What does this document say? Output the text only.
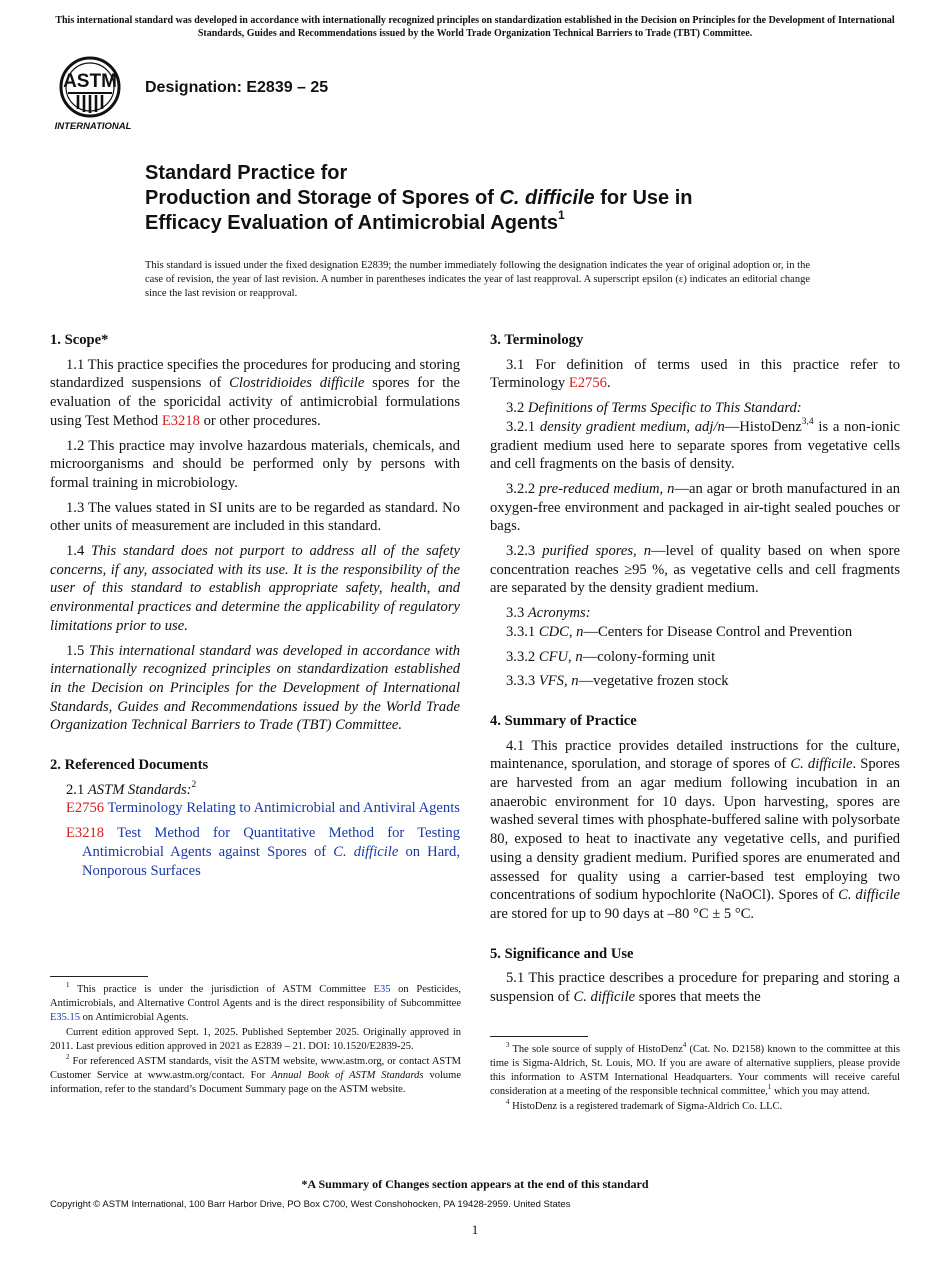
This international standard was developed in accordance with internationally recognized principles on standardization established in the Decision on Principles for the Development of International Standards, Guides and Recommendations issued by the World Trade Organization Technical Barriers to Trade (TBT) Committee.
ASTM
INTERNATIONAL
Designation: E2839 – 25
Standard Practice for
Production and Storage of Spores of C. difficile for Use in
Efficacy Evaluation of Antimicrobial Agents$^1$
This standard is issued under the fixed designation E2839; the number immediately following the designation indicates the year of original adoption or, in the case of revision, the year of last revision. A number in parentheses indicates the year of last reapproval. A superscript epsilon (ε) indicates an editorial change since the last revision or reapproval.
1. Scope*

1.1 This practice specifies the procedures for producing and storing standardized suspensions of Clostridioides difficile spores for the evaluation of the sporicidal activity of antimicrobial formulations using Test Method E3218 or other procedures.

1.2 This practice may involve hazardous materials, chemicals, and microorganisms and should be performed only by persons with formal training in microbiology.

1.3 The values stated in SI units are to be regarded as standard. No other units of measurement are included in this standard.

1.4 This standard does not purport to address all of the safety concerns, if any, associated with its use. It is the responsibility of the user of this standard to establish appropriate safety, health, and environmental practices and determine the applicability of regulatory limitations prior to use.

1.5 This international standard was developed in accordance with internationally recognized principles on standardization established in the Decision on Principles for the Development of International Standards, Guides and Recommendations issued by the World Trade Organization Technical Barriers to Trade (TBT) Committee.

2. Referenced Documents

2.1 ASTM Standards:$^2$

E2756 Terminology Relating to Antimicrobial and Antiviral Agents

E3218 Test Method for Quantitative Method for Testing Antimicrobial Agents against Spores of C. difficile on Hard, Nonporous Surfaces

3. Terminology

3.1 For definition of terms used in this practice refer to Terminology E2756.

3.2 Definitions of Terms Specific to This Standard:

3.2.1 density gradient medium, adj/n—HistoDenz$^{3,4}$ is a non-ionic gradient medium used here to separate spores from vegetative cells and cell fragments on the basis of density.

3.2.2 pre-reduced medium, n—an agar or broth manufactured in an oxygen-free environment and packaged in air-tight sealed pouches or bags.

3.2.3 purified spores, n—level of quality based on when spore concentration reaches ≥95 %, as vegetative cells and cell fragments are separated by the density gradient medium.

3.3 Acronyms:

3.3.1 CDC, n—Centers for Disease Control and Prevention

3.3.2 CFU, n—colony-forming unit

3.3.3 VFS, n—vegetative frozen stock

4. Summary of Practice

4.1 This practice provides detailed instructions for the culture, maintenance, sporulation, and storage of spores of C. difficile. Spores are harvested from an agar medium following incubation in an anaerobic environment for 10 days. Upon harvesting, spores are washed several times with phosphate-buffered saline with polysorbate 80, exposed to heat to inactivate any vegetative cells, and purified using a density gradient medium. Purified spores are enumerated and assessed for quality using a carrier-based test employing two concentrations of sodium hypochlorite (NaOCl). Spores of C. difficile are stored for up to 90 days at –80 °C ± 5 °C.

5. Significance and Use

5.1 This practice describes a procedure for preparing and storing a suspension of C. difficile spores that meets the

$^1$ This practice is under the jurisdiction of ASTM Committee E35 on Pesticides, Antimicrobials, and Alternative Control Agents and is the direct responsibility of Subcommittee E35.15 on Antimicrobial Agents.

Current edition approved Sept. 1, 2025. Published September 2025. Originally approved in 2011. Last previous edition approved in 2021 as E2839 – 21. DOI: 10.1520/E2839-25.

$^2$ For referenced ASTM standards, visit the ASTM website, www.astm.org, or contact ASTM Customer Service at www.astm.org/contact. For Annual Book of ASTM Standards volume information, refer to the standard’s Document Summary page on the ASTM website.

$^3$ The sole source of supply of HistoDenz$^4$ (Cat. No. D2158) known to the committee at this time is Sigma-Aldrich, St. Louis, MO. If you are aware of alternative suppliers, please provide this information to ASTM International Headquarters. Your comments will receive careful consideration at a meeting of the responsible technical committee,$^1$ which you may attend.

$^4$ HistoDenz is a registered trademark of Sigma-Aldrich Co. LLC.

*A Summary of Changes section appears at the end of this standard
Copyright © ASTM International, 100 Barr Harbor Drive, PO Box C700, West Conshohocken, PA 19428-2959. United States
1
